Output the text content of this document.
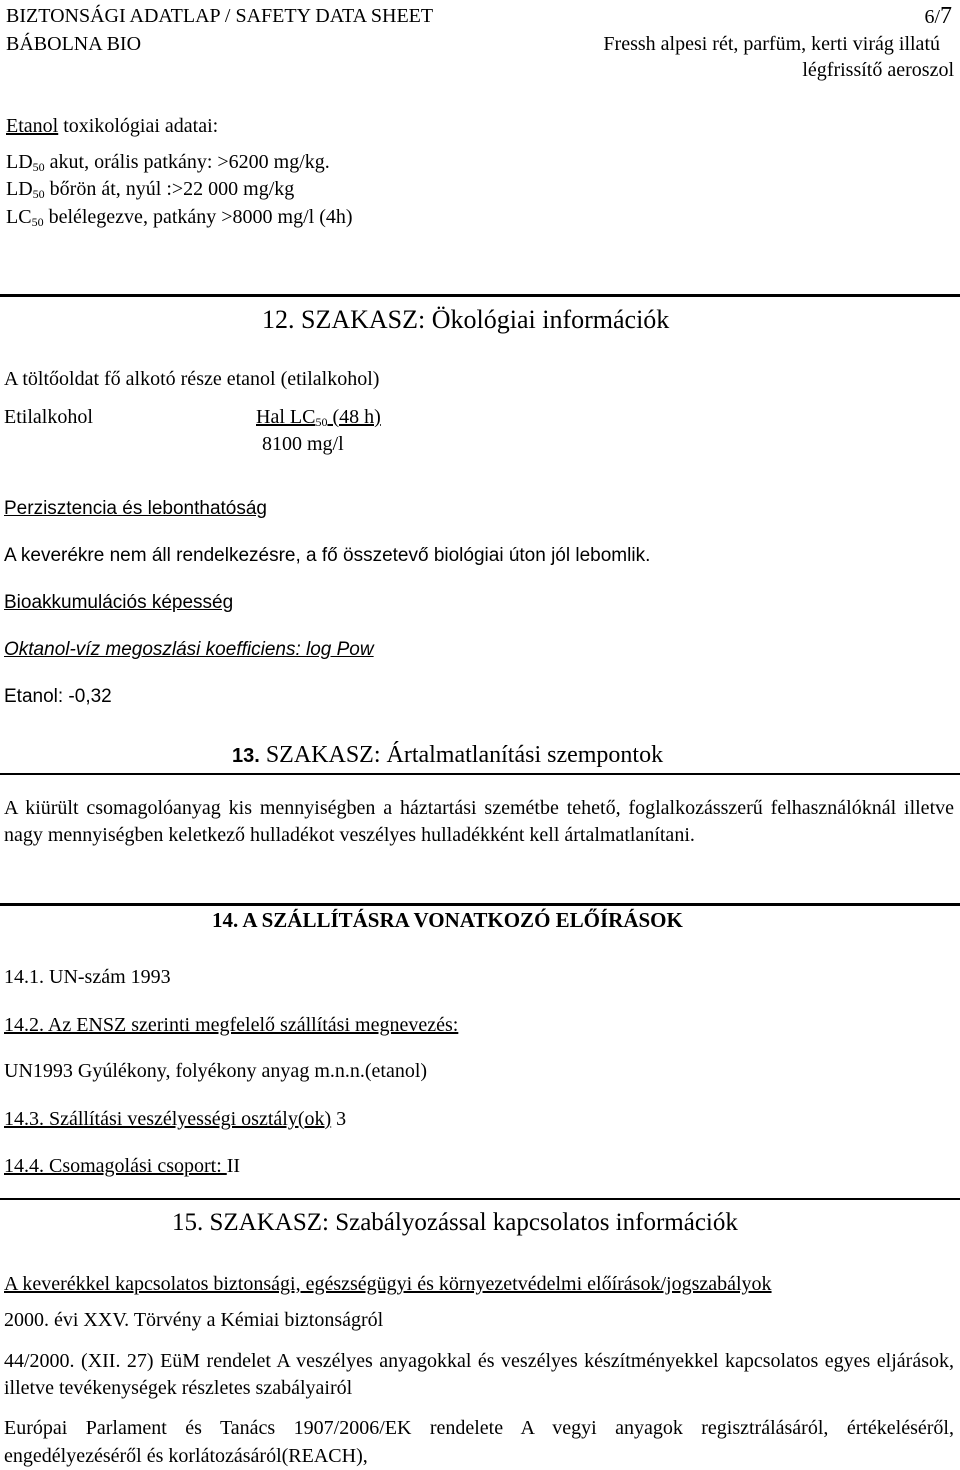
BIZTONSÁGI ADATLAP / SAFETY DATA SHEET	6/7
BÁBOLNA BIO	Fressh alpesi rét, parfüm, kerti virág illatú
légfrissítő aeroszol
Etanol toxikológiai adatai:
$LD_{50}$ akut, orális patkány: >6200 mg/kg.
$LD_{50}$ bőrön át, nyúl :>22 000 mg/kg
$LC_{50}$ belélegezve, patkány >8000 mg/l (4h)
12. SZAKASZ: Ökológiai információk
A töltőoldat fő alkotó része etanol (etilalkohol)
Etilalkohol	Hal $LC_{50}$ (48 h)
8100 mg/l
Perzisztencia és lebonthatóság
A keverékre nem áll rendelkezésre, a fő összetevő biológiai úton jól lebomlik.
Bioakkumulációs képesség
Oktanol-víz megoszlási koefficiens: log Pow
Etanol: -0,32
13. SZAKASZ: Ártalmatlanítási szempontok
A kiürült csomagolóanyag kis mennyiségben a háztartási szemétbe tehető, foglalkozásszerű felhasználóknál illetve nagy mennyiségben keletkező hulladékot veszélyes hulladékként kell ártalmatlanítani.
14. A SZÁLLÍTÁSRA VONATKOZÓ ELŐÍRÁSOK
14.1. UN-szám 1993
14.2. Az ENSZ szerinti megfelelő szállítási megnevezés:
UN1993 Gyúlékony, folyékony anyag m.n.n.(etanol)
14.3. Szállítási veszélyességi osztály(ok) 3
14.4. Csomagolási csoport: II
15. SZAKASZ: Szabályozással kapcsolatos információk
A keverékkel kapcsolatos biztonsági, egészségügyi és környezetvédelmi előírások/jogszabályok
2000. évi XXV. Törvény a Kémiai biztonságról
44/2000. (XII. 27) EüM rendelet A veszélyes anyagokkal és veszélyes készítményekkel kapcsolatos egyes eljárások, illetve tevékenységek részletes szabályairól
Európai Parlament és Tanács 1907/2006/EK rendelete A vegyi anyagok regisztrálásáról, értékeléséről, engedélyezéséről és korlátozásáról(REACH),
